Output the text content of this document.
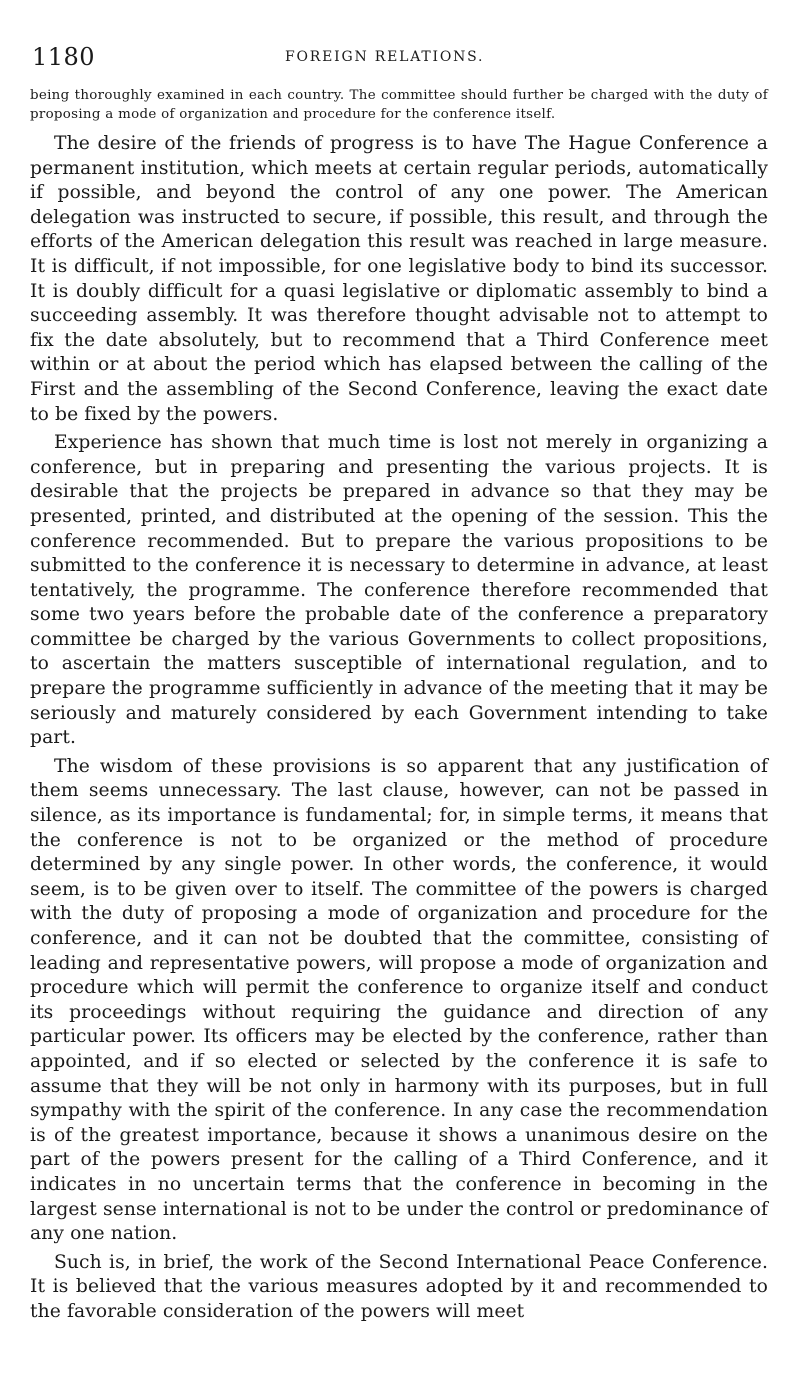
1180	FOREIGN RELATIONS.

being thoroughly examined in each country. The committee should further be charged with the duty of proposing a mode of organization and procedure for the conference itself.

The desire of the friends of progress is to have The Hague Conference a permanent institution, which meets at certain regular periods, automatically if possible, and beyond the control of any one power. The American delegation was instructed to secure, if possible, this result, and through the efforts of the American delegation this result was reached in large measure. It is difficult, if not impossible, for one legislative body to bind its successor. It is doubly difficult for a quasi legislative or diplomatic assembly to bind a succeeding assembly. It was therefore thought advisable not to attempt to fix the date absolutely, but to recommend that a Third Conference meet within or at about the period which has elapsed between the calling of the First and the assembling of the Second Conference, leaving the exact date to be fixed by the powers.

Experience has shown that much time is lost not merely in organizing a conference, but in preparing and presenting the various projects. It is desirable that the projects be prepared in advance so that they may be presented, printed, and distributed at the opening of the session. This the conference recommended. But to prepare the various propositions to be submitted to the conference it is necessary to determine in advance, at least tentatively, the programme. The conference therefore recommended that some two years before the probable date of the conference a preparatory committee be charged by the various Governments to collect propositions, to ascertain the matters susceptible of international regulation, and to prepare the programme sufficiently in advance of the meeting that it may be seriously and maturely considered by each Government intending to take part.

The wisdom of these provisions is so apparent that any justification of them seems unnecessary. The last clause, however, can not be passed in silence, as its importance is fundamental; for, in simple terms, it means that the conference is not to be organized or the method of procedure determined by any single power. In other words, the conference, it would seem, is to be given over to itself. The committee of the powers is charged with the duty of proposing a mode of organization and procedure for the conference, and it can not be doubted that the committee, consisting of leading and representative powers, will propose a mode of organization and procedure which will permit the conference to organize itself and conduct its proceedings without requiring the guidance and direction of any particular power. Its officers may be elected by the conference, rather than appointed, and if so elected or selected by the conference it is safe to assume that they will be not only in harmony with its purposes, but in full sympathy with the spirit of the conference. In any case the recommendation is of the greatest importance, because it shows a unanimous desire on the part of the powers present for the calling of a Third Conference, and it indicates in no uncertain terms that the conference in becoming in the largest sense international is not to be under the control or predominance of any one nation.

Such is, in brief, the work of the Second International Peace Conference. It is believed that the various measures adopted by it and recommended to the favorable consideration of the powers will meet
